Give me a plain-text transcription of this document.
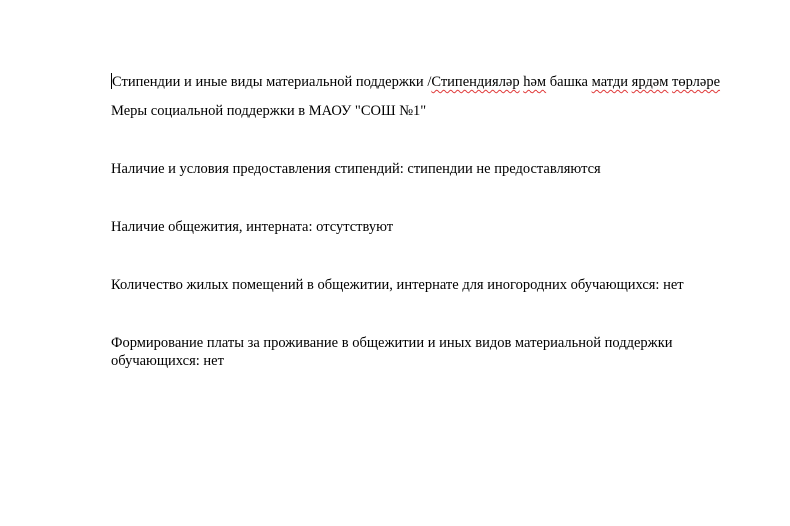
Стипендии и иные виды материальной поддержки /Стипендияләр һәм башка матди ярдәм төрләре
Меры социальной поддержки в МАОУ "СОШ №1"
Наличие и условия предоставления стипендий: стипендии не предоставляются
Наличие общежития, интерната: отсутствуют
Количество жилых помещений в общежитии, интернате для иногородних обучающихся: нет
Формирование платы за проживание в общежитии и иных видов материальной поддержки обучающихся: нет
